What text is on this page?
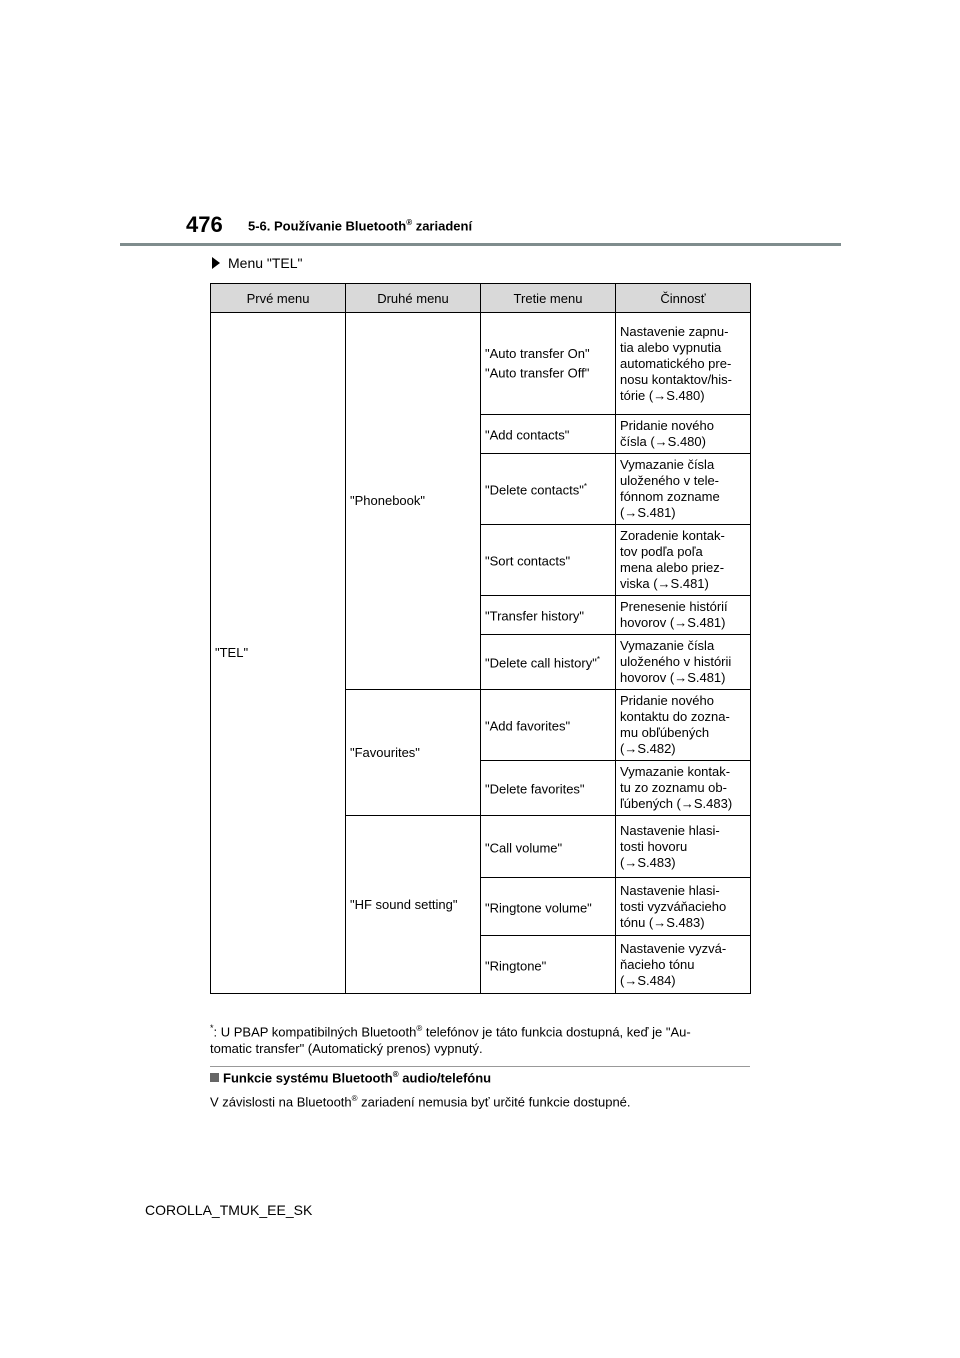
476 5-6. Používanie Bluetooth® zariadení
Menu "TEL"
Prvé menu	Druhé menu	Tretie menu	Činnosť
"TEL"	"Phonebook"	"Auto transfer On"
"Auto transfer Off"	Nastavenie zapnu-
tia alebo vypnutia
automatického pre-
nosu kontaktov/his-
tórie (→S.480)
		"Add contacts"	Pridanie nového
čísla (→S.480)
		"Delete contacts"*	Vymazanie čísla
uloženého v tele-
fónnom zozname
(→S.481)
		"Sort contacts"	Zoradenie kontak-
tov podľa poľa
mena alebo priez-
viska (→S.481)
		"Transfer history"	Prenesenie histórií
hovorov (→S.481)
		"Delete call history"*	Vymazanie čísla
uloženého v histórii
hovorov (→S.481)
	"Favourites"	"Add favorites"	Pridanie nového
kontaktu do zozna-
mu obľúbených
(→S.482)
		"Delete favorites"	Vymazanie kontak-
tu zo zoznamu ob-
ľúbených (→S.483)
	"HF sound setting"	"Call volume"	Nastavenie hlasi-
tosti hovoru
(→S.483)
		"Ringtone volume"	Nastavenie hlasi-
tosti vyzváňacieho
tónu (→S.483)
		"Ringtone"	Nastavenie vyzvá-
ňacieho tónu
(→S.484)
*: U PBAP kompatibilných Bluetooth® telefónov je táto funkcia dostupná, keď je "Au-
tomatic transfer" (Automatický prenos) vypnutý.
Funkcie systému Bluetooth® audio/telefónu
V závislosti na Bluetooth® zariadení nemusia byť určité funkcie dostupné.
COROLLA_TMUK_EE_SK
